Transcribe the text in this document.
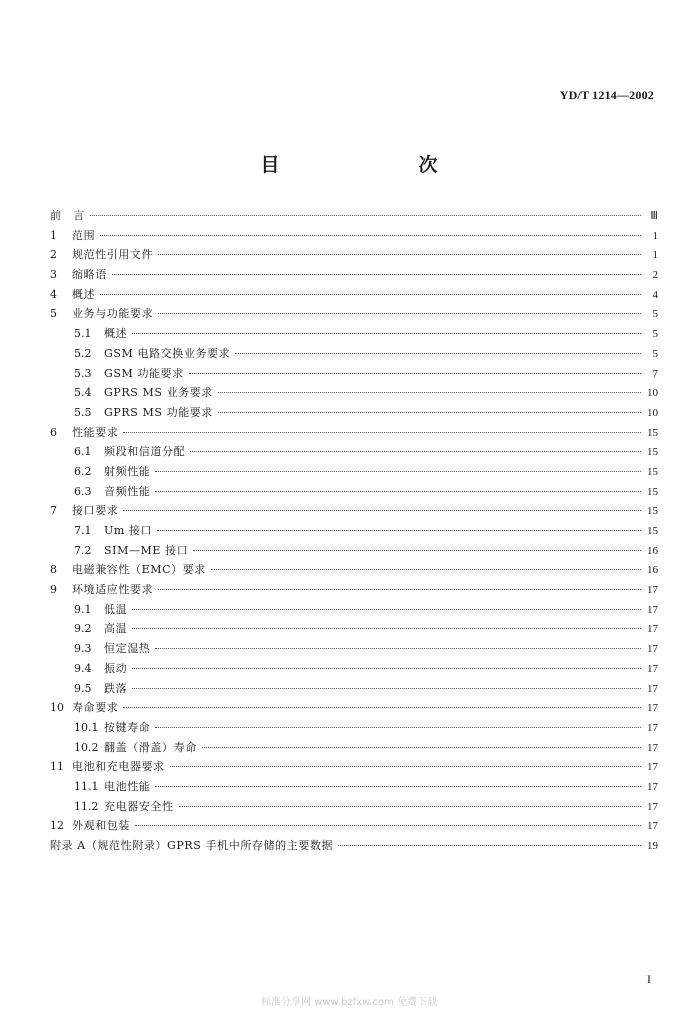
YD/T 1214—2002
目　次
前　言	Ⅲ
1	范围	1
2	规范性引用文件	1
3	缩略语	2
4	概述	4
5	业务与功能要求	5
5.1	概述	5
5.2	GSM 电路交换业务要求	5
5.3	GSM 功能要求	7
5.4	GPRS MS 业务要求	10
5.5	GPRS MS 功能要求	10
6	性能要求	15
6.1	频段和信道分配	15
6.2	射频性能	15
6.3	音频性能	15
7	接口要求	15
7.1	Um 接口	15
7.2	SIM—ME 接口	16
8	电磁兼容性（EMC）要求	16
9	环境适应性要求	17
9.1	低温	17
9.2	高温	17
9.3	恒定湿热	17
9.4	振动	17
9.5	跌落	17
10 寿命要求	17
10.1 按键寿命	17
10.2 翻盖（滑盖）寿命	17
11 电池和充电器要求	17
11.1 电池性能	17
11.2 充电器安全性	17
12 外观和包装	17
附录 A（规范性附录）GPRS 手机中所存储的主要数据	19
I
标准分享网 www.bzfxw.com 免费下载
